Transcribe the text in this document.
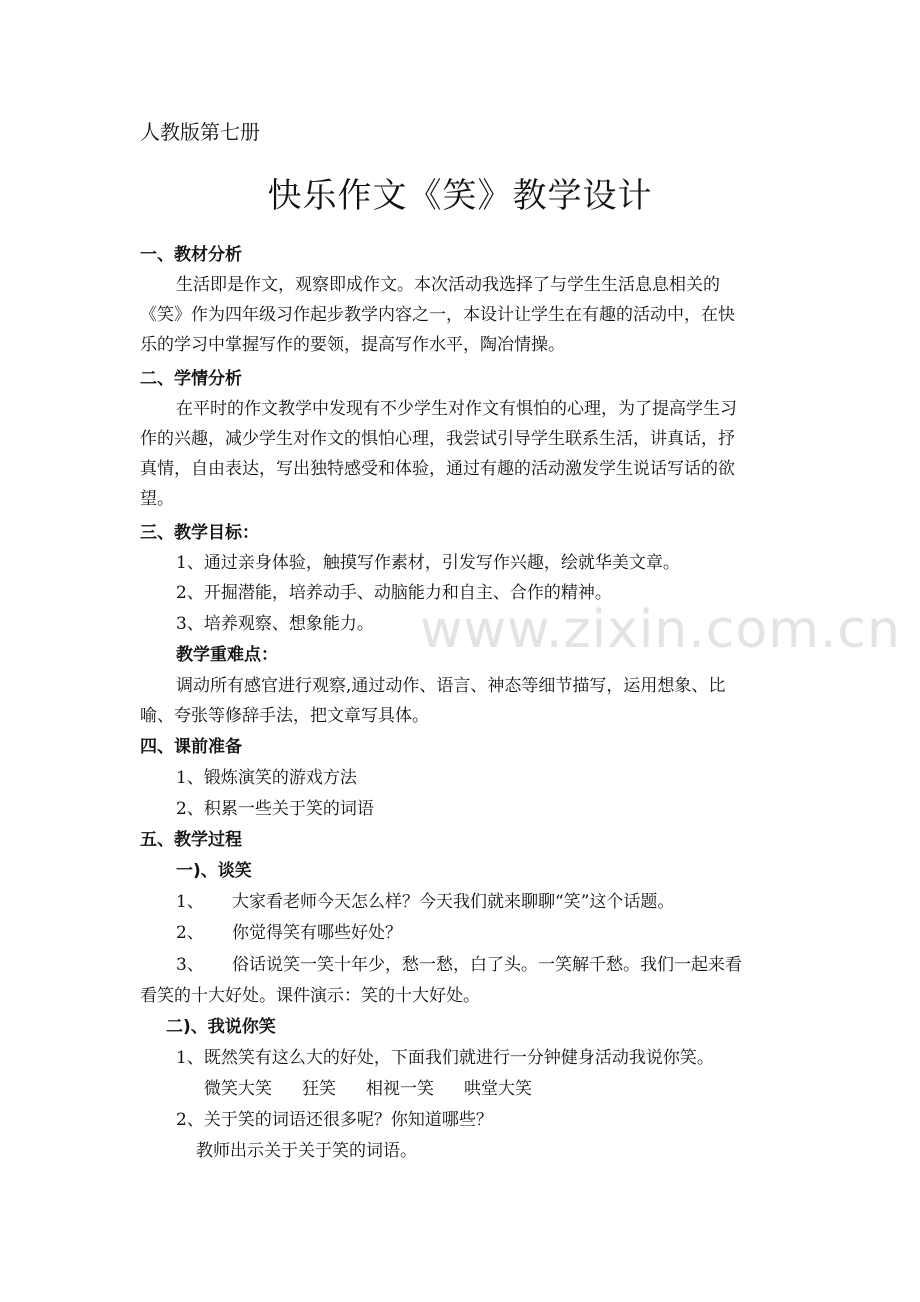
www.zixin.com.cn
人教版第七册
快乐作文《笑》教学设计
一、教材分析
生活即是作文，观察即成作文。本次活动我选择了与学生生活息息相关的
《笑》作为四年级习作起步教学内容之一，本设计让学生在有趣的活动中，在快
乐的学习中掌握写作的要领，提高写作水平，陶冶情操。
二、学情分析
在平时的作文教学中发现有不少学生对作文有惧怕的心理，为了提高学生习
作的兴趣，减少学生对作文的惧怕心理，我尝试引导学生联系生活，讲真话，抒
真情，自由表达，写出独特感受和体验，通过有趣的活动激发学生说话写话的欲
望。
三、教学目标：
1、通过亲身体验，触摸写作素材，引发写作兴趣，绘就华美文章。
2、开掘潜能，培养动手、动脑能力和自主、合作的精神。
3、培养观察、想象能力。
教学重难点：
调动所有感官进行观察,通过动作、语言、神态等细节描写，运用想象、比
喻、夸张等修辞手法，把文章写具体。
四、课前准备
1、锻炼演笑的游戏方法
2、积累一些关于笑的词语
五、教学过程
一)、谈笑
1、 大家看老师今天怎么样？今天我们就来聊聊“笑”这个话题。
2、 你觉得笑有哪些好处？
3、 俗话说笑一笑十年少，愁一愁，白了头。一笑解千愁。我们一起来看
看笑的十大好处。课件演示：笑的十大好处。
二)、我说你笑
1、既然笑有这么大的好处，下面我们就进行一分钟健身活动我说你笑。
微笑大笑 狂笑 相视一笑 哄堂大笑
2、关于笑的词语还很多呢？你知道哪些？
教师出示关于关于笑的词语。
